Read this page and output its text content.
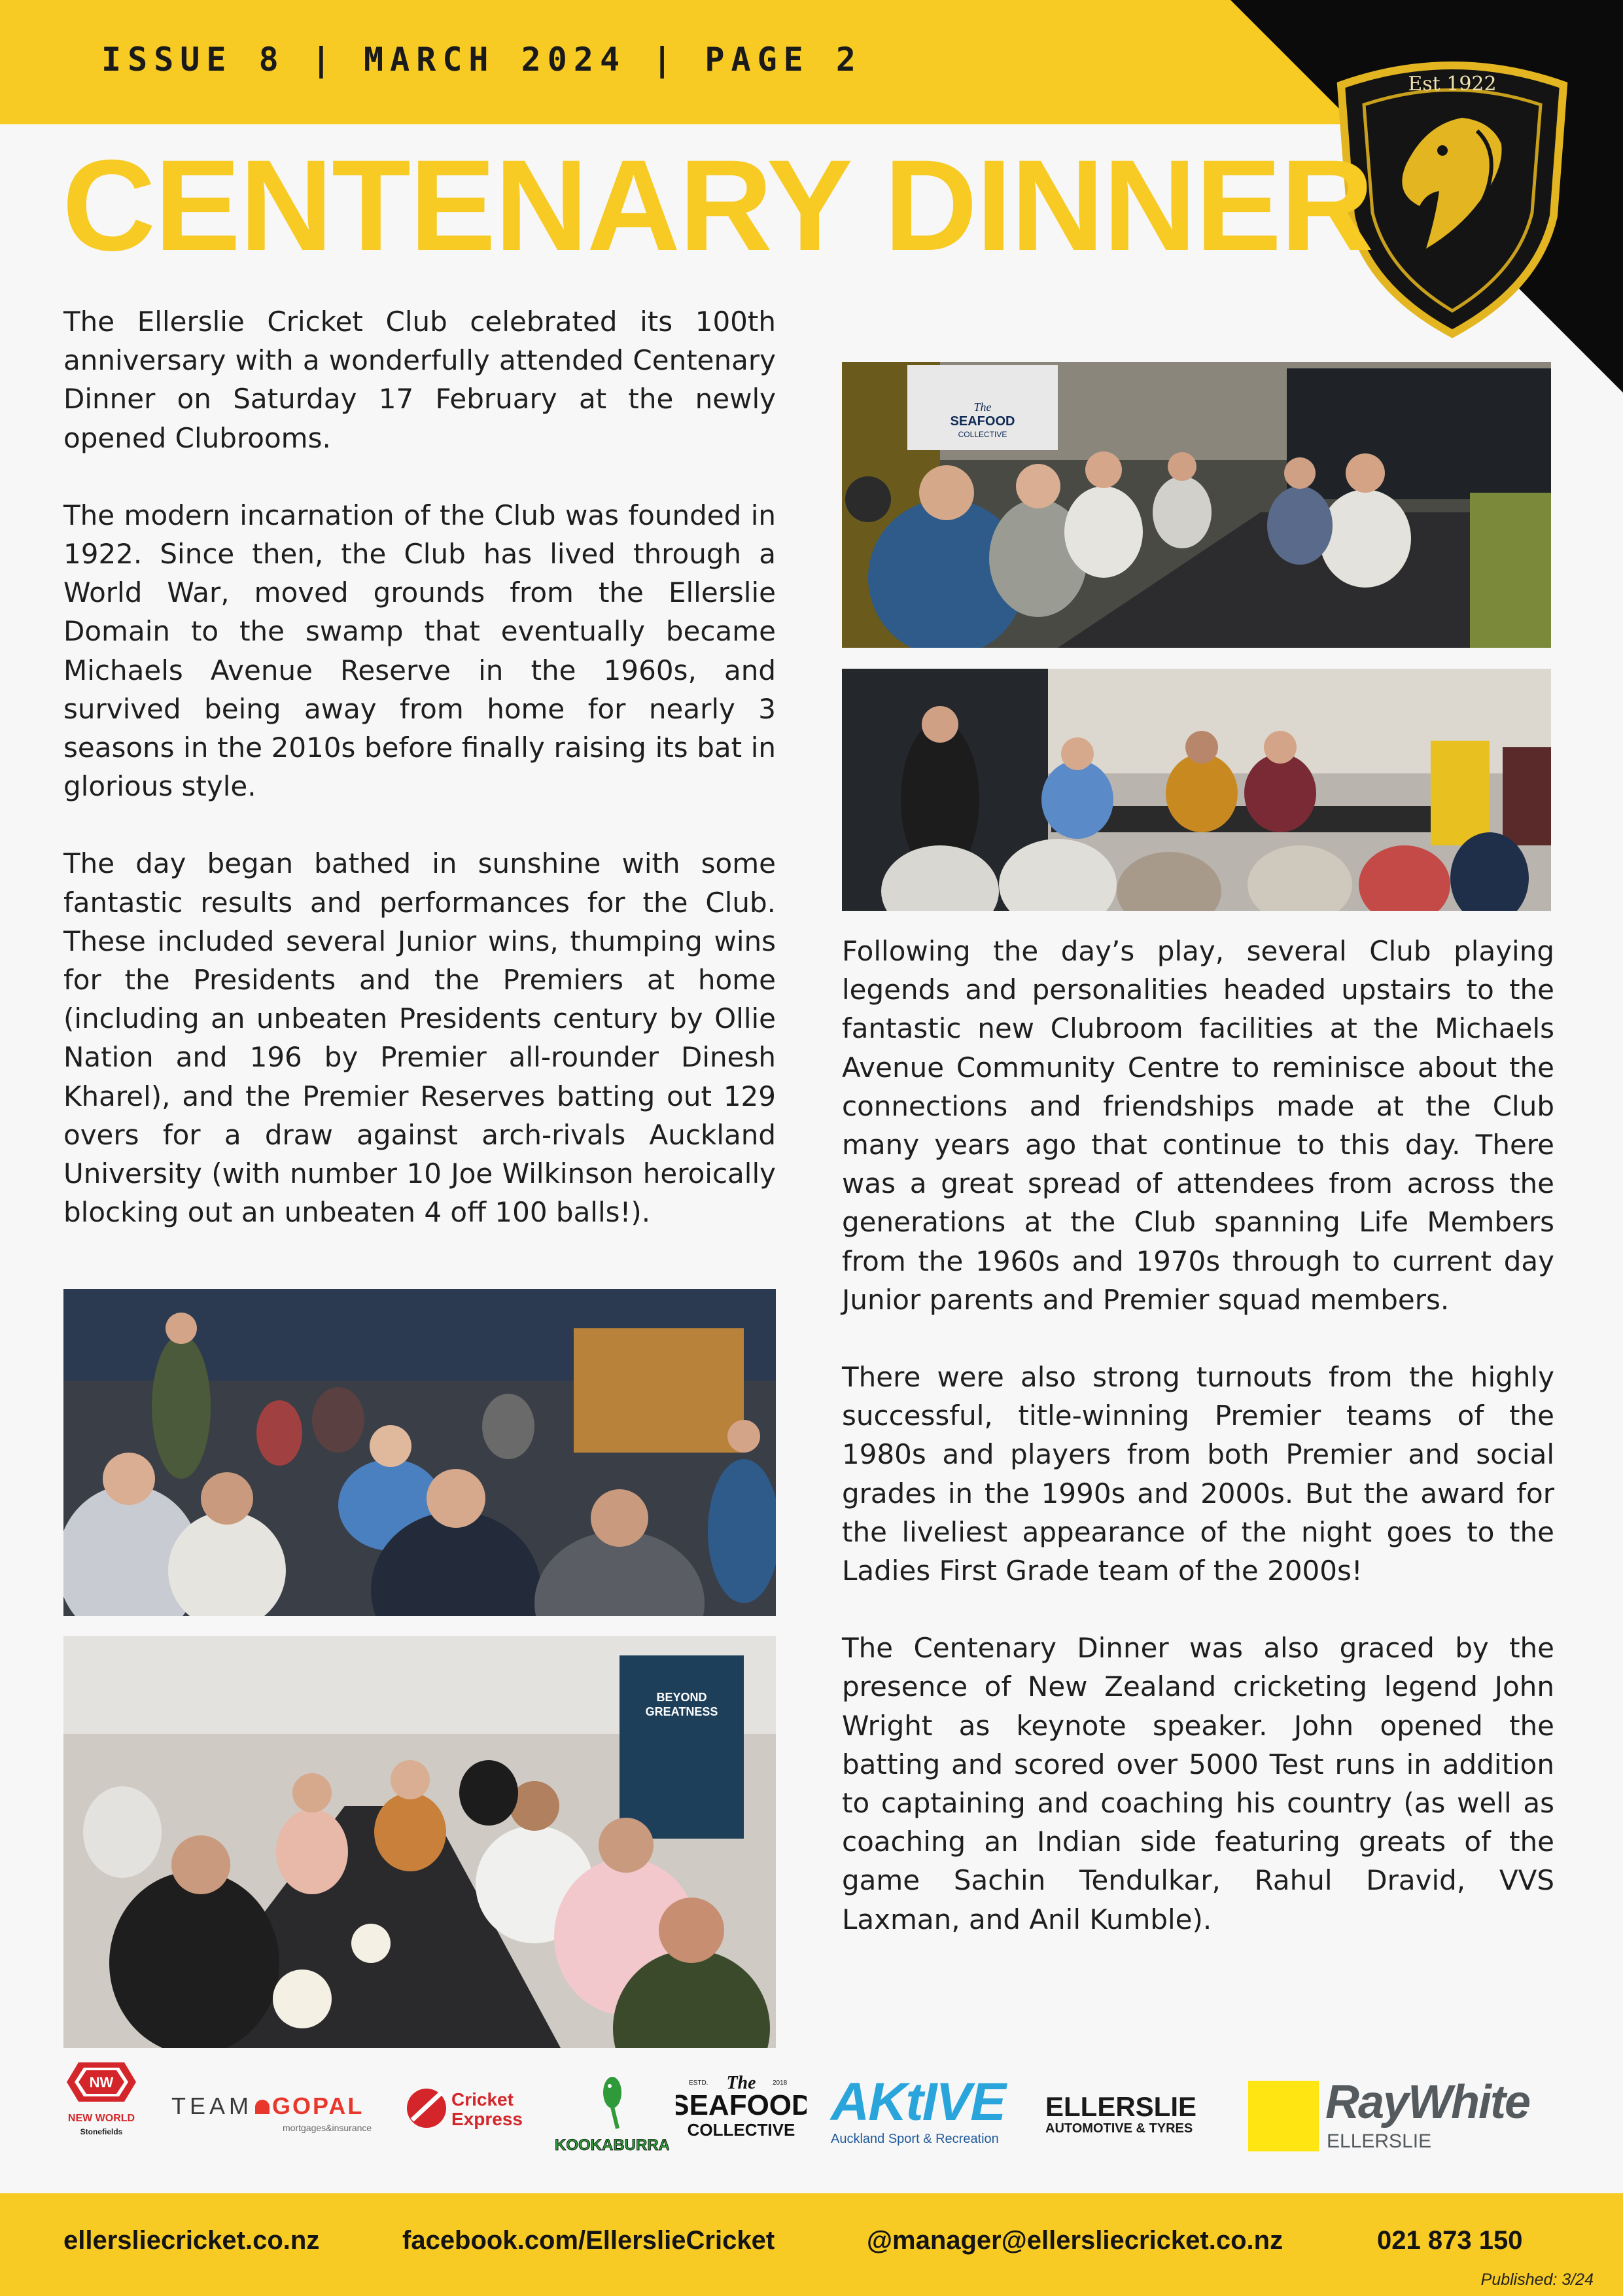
ISSUE 8 | MARCH 2024 | PAGE 2
Est 1922
CENTENARY DINNER

The Ellerslie Cricket Club celebrated its 100th anniversary with a wonderfully attended Centenary Dinner on Saturday 17 February at the newly opened Clubrooms.

The modern incarnation of the Club was founded in 1922. Since then, the Club has lived through a World War, moved grounds from the Ellerslie Domain to the swamp that eventually became Michaels Avenue Reserve in the 1960s, and survived being away from home for nearly 3 seasons in the 2010s before finally raising its bat in glorious style.

The day began bathed in sunshine with some fantastic results and performances for the Club. These included several Junior wins, thumping wins for the Presidents and the Premiers at home (including an unbeaten Presidents century by Ollie Nation and 196 by Premier all-rounder Dinesh Kharel), and the Premier Reserves batting out 129 overs for a draw against arch-rivals Auckland University (with number 10 Joe Wilkinson heroically blocking out an unbeaten 4 off 100 balls!).

Following the day’s play, several Club playing legends and personalities headed upstairs to the fantastic new Clubroom facilities at the Michaels Avenue Community Centre to reminisce about the connections and friendships made at the Club many years ago that continue to this day. There was a great spread of attendees from across the generations at the Club spanning Life Members from the 1960s and 1970s through to current day Junior parents and Premier squad members.

There were also strong turnouts from the highly successful, title-winning Premier teams of the 1980s and players from both Premier and social grades in the 1990s and 2000s. But the award for the liveliest appearance of the night goes to the Ladies First Grade team of the 2000s!

The Centenary Dinner was also graced by the presence of New Zealand cricketing legend John Wright as keynote speaker. John opened the batting and scored over 5000 Test runs in addition to captaining and coaching his country (as well as coaching an Indian side featuring greats of the game Sachin Tendulkar, Rahul Dravid, VVS Laxman, and Anil Kumble).

The
SEAFOOD
COLLECTIVE
BEYOND
GREATNESS
NW
NEW WORLD
Stonefields
TEAM GOPAL
mortgages&insurance
Cricket
Express
KOOKABURRA
ESTD.	2018
The
SEAFOOD
COLLECTIVE AKtIVE
Auckland Sport & Recreation
ELLERSLIE
AUTOMOTIVE & TYRES	RayWhite
ELLERSLIE
ellersliecricket.co.nz	facebook.com/EllerslieCricket	@manager@ellersliecricket.co.nz	021 873 150
Published: 3/24
